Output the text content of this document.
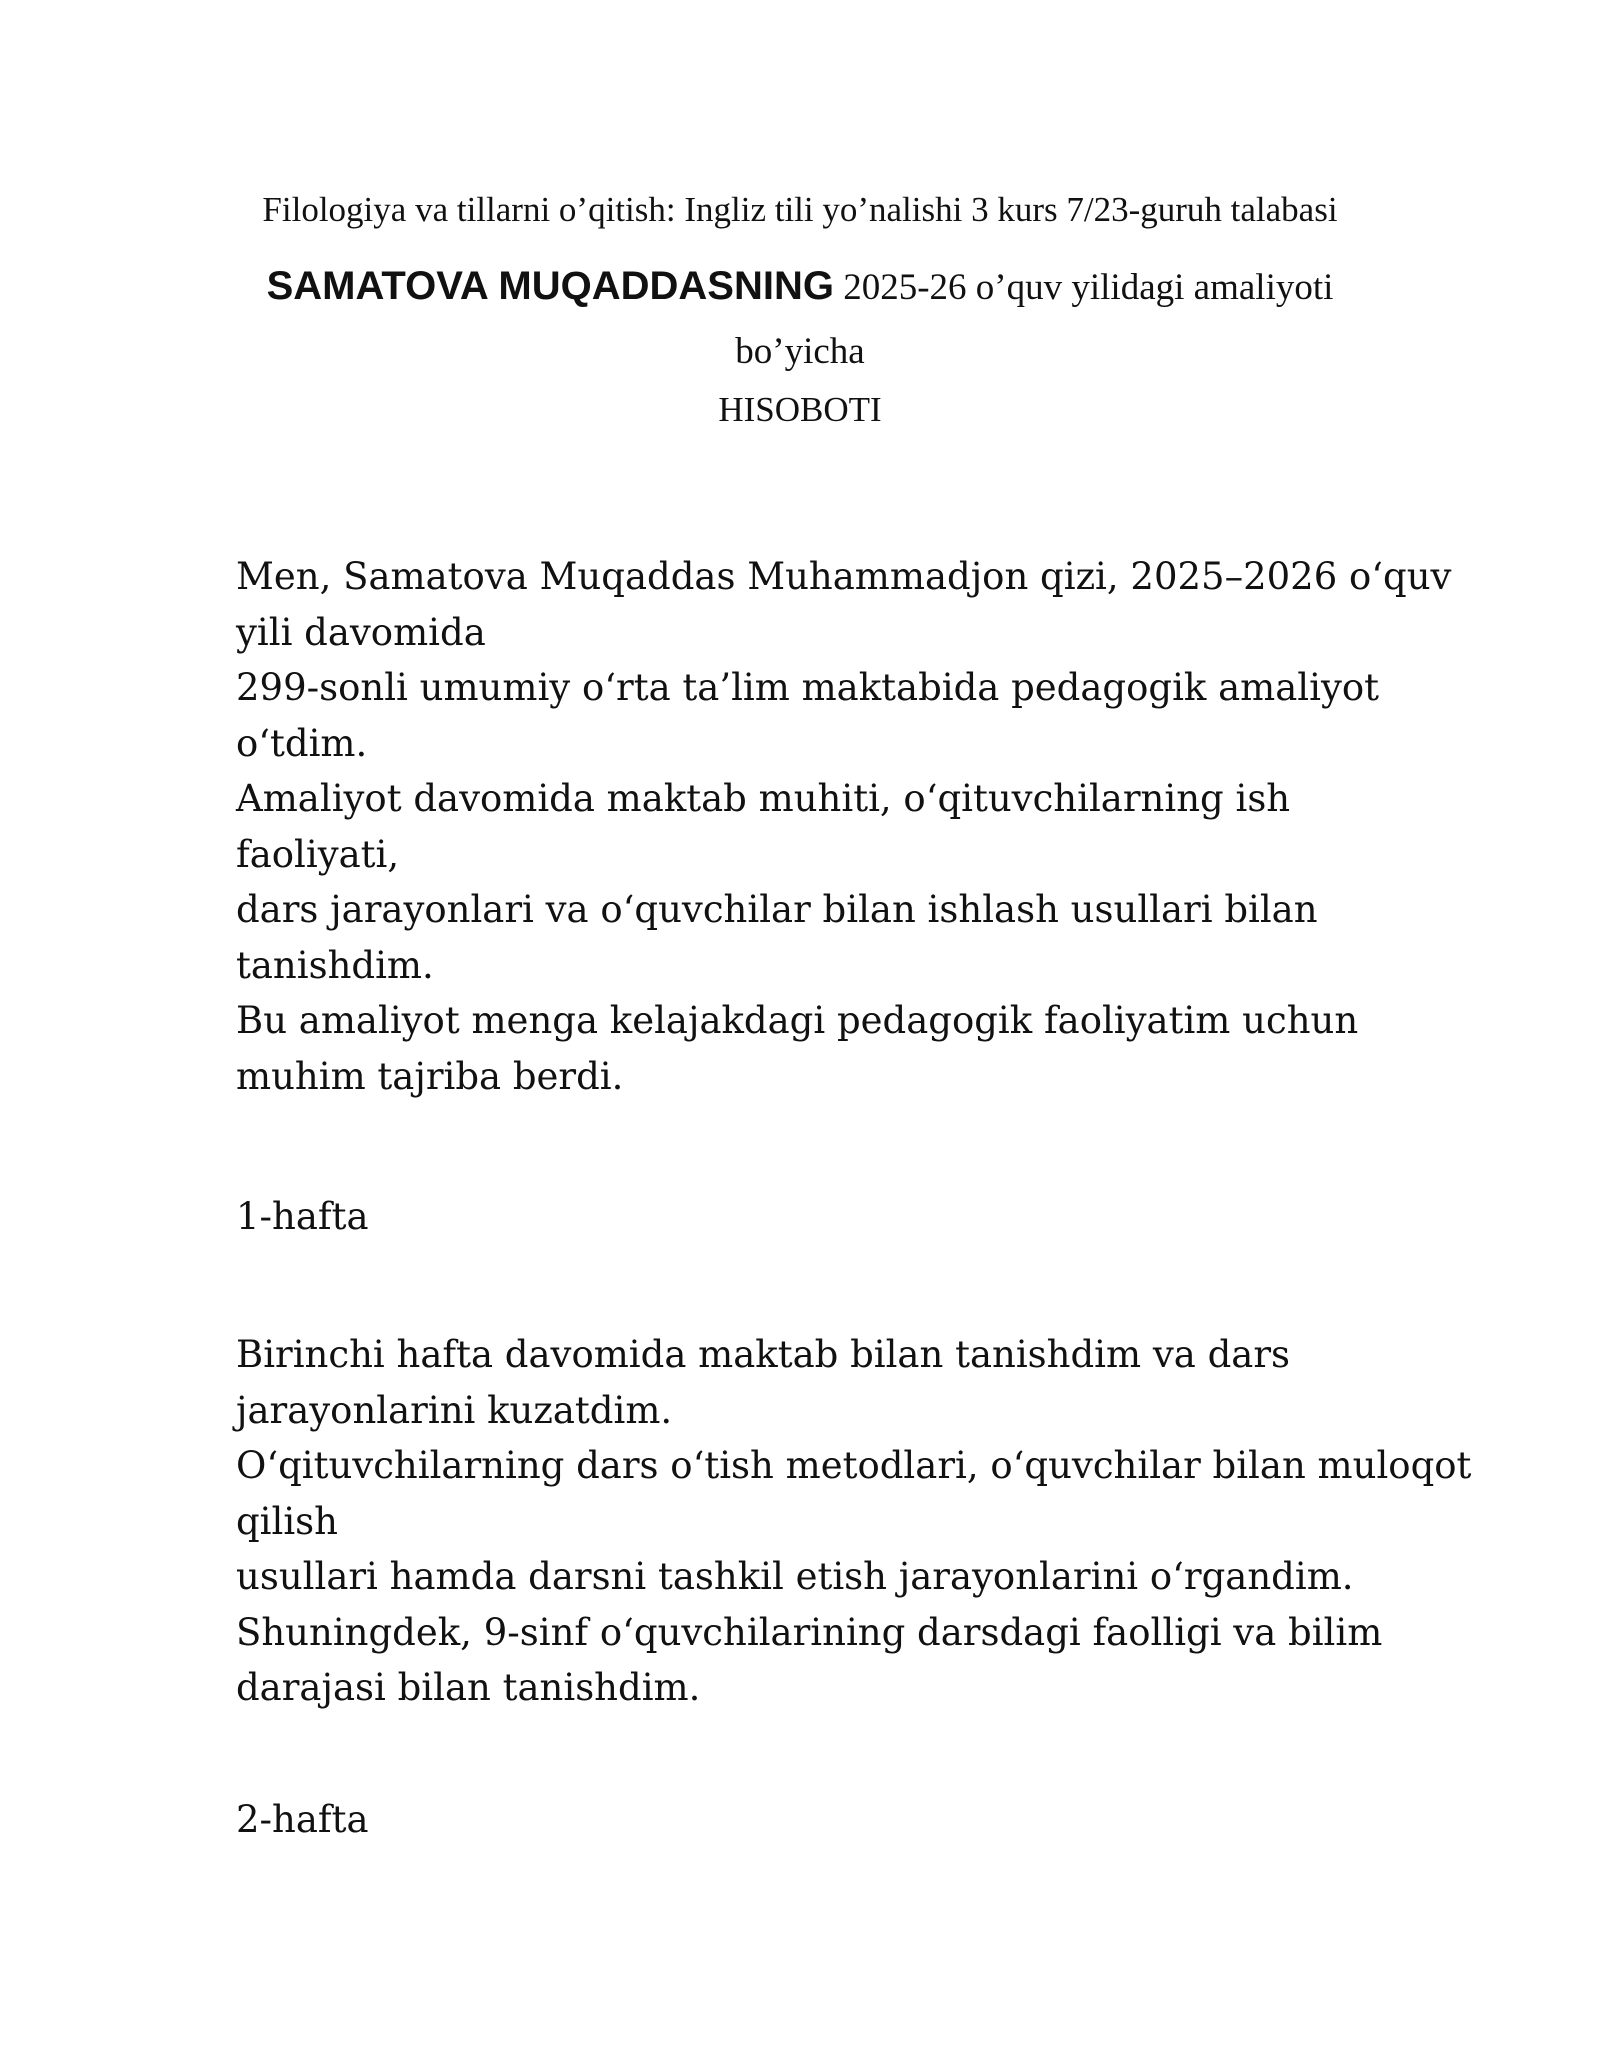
Filologiya va tillarni o’qitish: Ingliz tili yo’nalishi 3 kurs 7/23-guruh talabasi
SAMATOVA MUQADDASNING 2025-26 o’quv yilidagi amaliyoti
bo’yicha
HISOBOTI

Men, Samatova Muqaddas Muhammadjon qizi, 2025–2026 o‘quv

yili davomida

299-sonli umumiy o‘rta ta’lim maktabida pedagogik amaliyot

o‘tdim.

Amaliyot davomida maktab muhiti, o‘qituvchilarning ish

faoliyati,

dars jarayonlari va o‘quvchilar bilan ishlash usullari bilan

tanishdim.

Bu amaliyot menga kelajakdagi pedagogik faoliyatim uchun

muhim tajriba berdi.

1-hafta

Birinchi hafta davomida maktab bilan tanishdim va dars

jarayonlarini kuzatdim.

O‘qituvchilarning dars o‘tish metodlari, o‘quvchilar bilan muloqot

qilish

usullari hamda darsni tashkil etish jarayonlarini o‘rgandim.

Shuningdek, 9-sinf o‘quvchilarining darsdagi faolligi va bilim

darajasi bilan tanishdim.

2-hafta
